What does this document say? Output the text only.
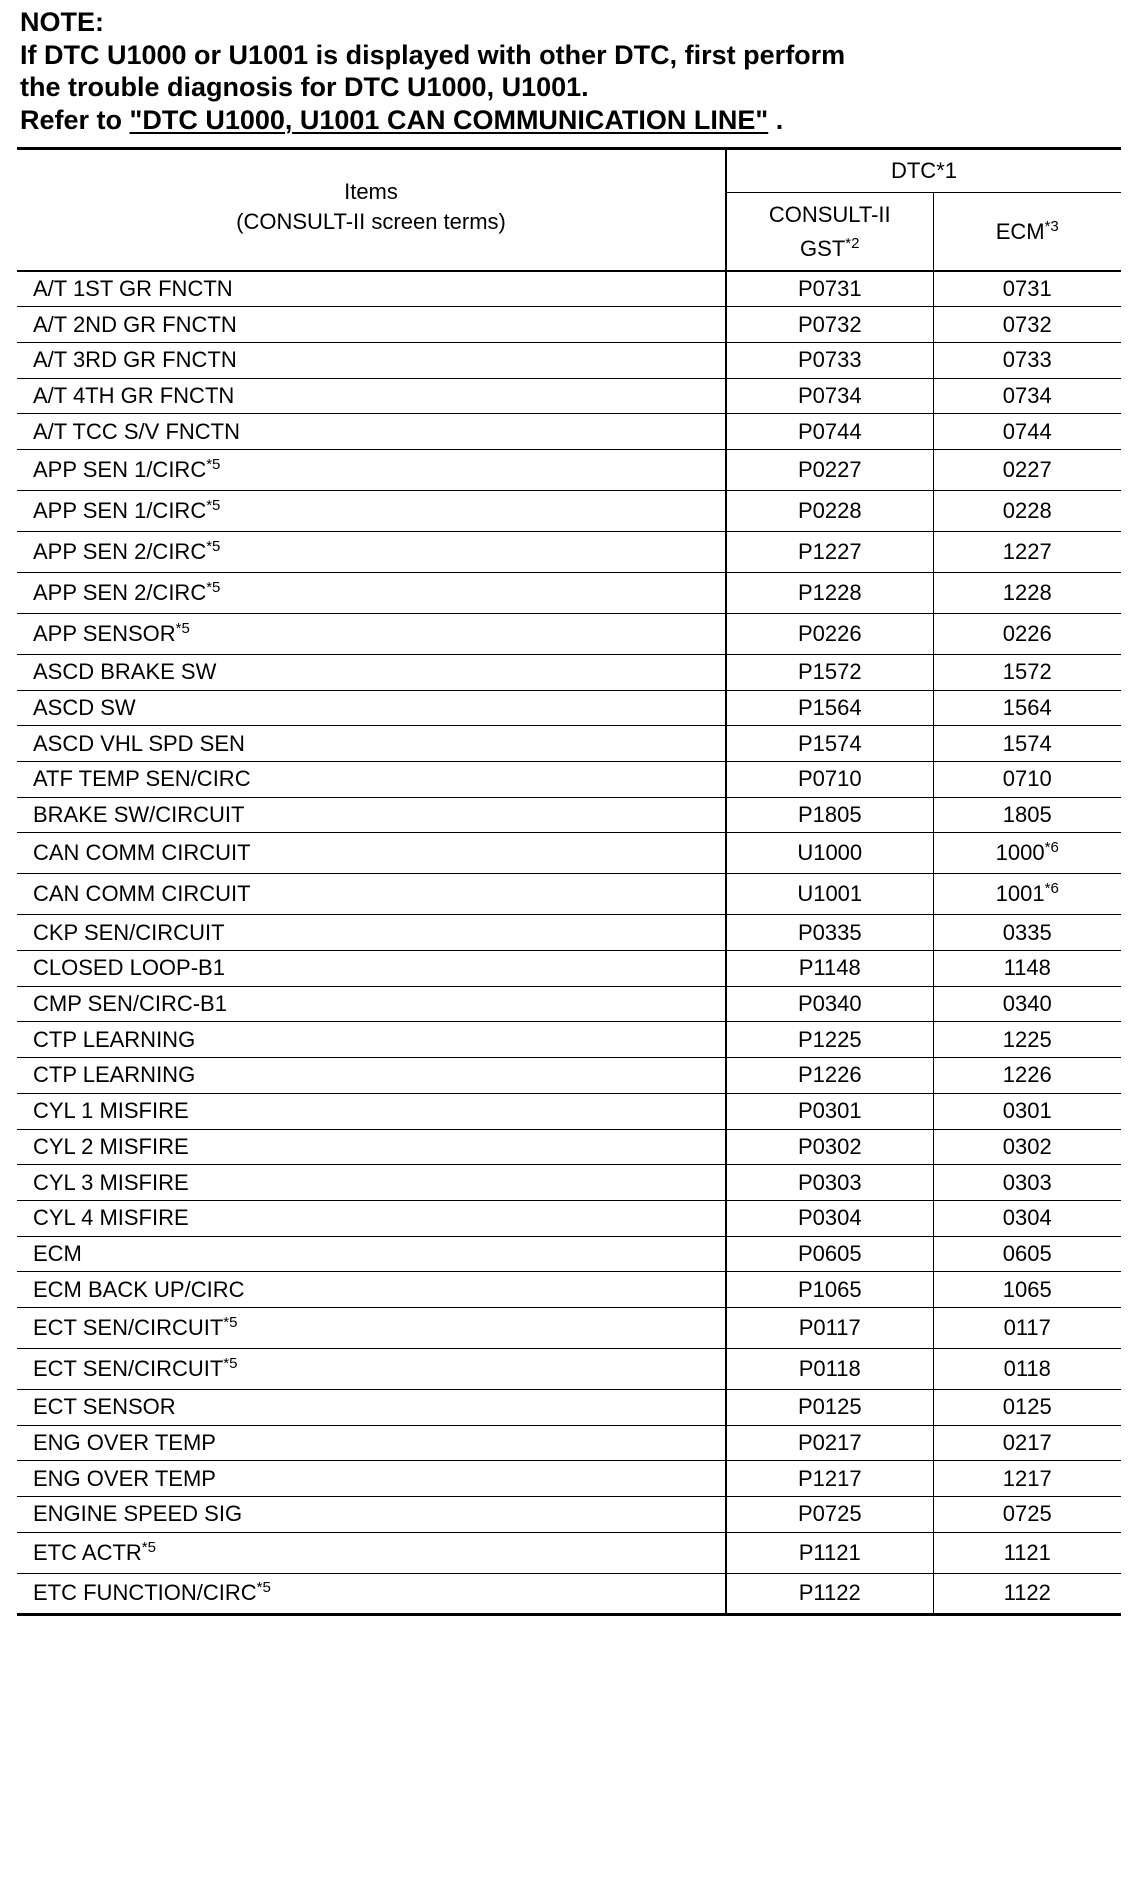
NOTE:
If DTC U1000 or U1001 is displayed with other DTC, first perform
the trouble diagnosis for DTC U1000, U1001.
Refer to "DTC U1000, U1001 CAN COMMUNICATION LINE" .
Items
(CONSULT-II screen terms)	DTC*1	
	CONSULT-II
GST$^{*2}$	ECM$^{*3}$
A/T 1ST GR FNCTN	P0731	0731
A/T 2ND GR FNCTN	P0732	0732
A/T 3RD GR FNCTN	P0733	0733
A/T 4TH GR FNCTN	P0734	0734
A/T TCC S/V FNCTN	P0744	0744
APP SEN 1/CIRC$^{*5}$	P0227	0227
APP SEN 1/CIRC$^{*5}$	P0228	0228
APP SEN 2/CIRC$^{*5}$	P1227	1227
APP SEN 2/CIRC$^{*5}$	P1228	1228
APP SENSOR$^{*5}$	P0226	0226
ASCD BRAKE SW	P1572	1572
ASCD SW	P1564	1564
ASCD VHL SPD SEN	P1574	1574
ATF TEMP SEN/CIRC	P0710	0710
BRAKE SW/CIRCUIT	P1805	1805
CAN COMM CIRCUIT	U1000	1000$^{*6}$
CAN COMM CIRCUIT	U1001	1001$^{*6}$
CKP SEN/CIRCUIT	P0335	0335
CLOSED LOOP-B1	P1148	1148
CMP SEN/CIRC-B1	P0340	0340
CTP LEARNING	P1225	1225
CTP LEARNING	P1226	1226
CYL 1 MISFIRE	P0301	0301
CYL 2 MISFIRE	P0302	0302
CYL 3 MISFIRE	P0303	0303
CYL 4 MISFIRE	P0304	0304
ECM	P0605	0605
ECM BACK UP/CIRC	P1065	1065
ECT SEN/CIRCUIT$^{*5}$	P0117	0117
ECT SEN/CIRCUIT$^{*5}$	P0118	0118
ECT SENSOR	P0125	0125
ENG OVER TEMP	P0217	0217
ENG OVER TEMP	P1217	1217
ENGINE SPEED SIG	P0725	0725
ETC ACTR$^{*5}$	P1121	1121
ETC FUNCTION/CIRC$^{*5}$	P1122	1122
